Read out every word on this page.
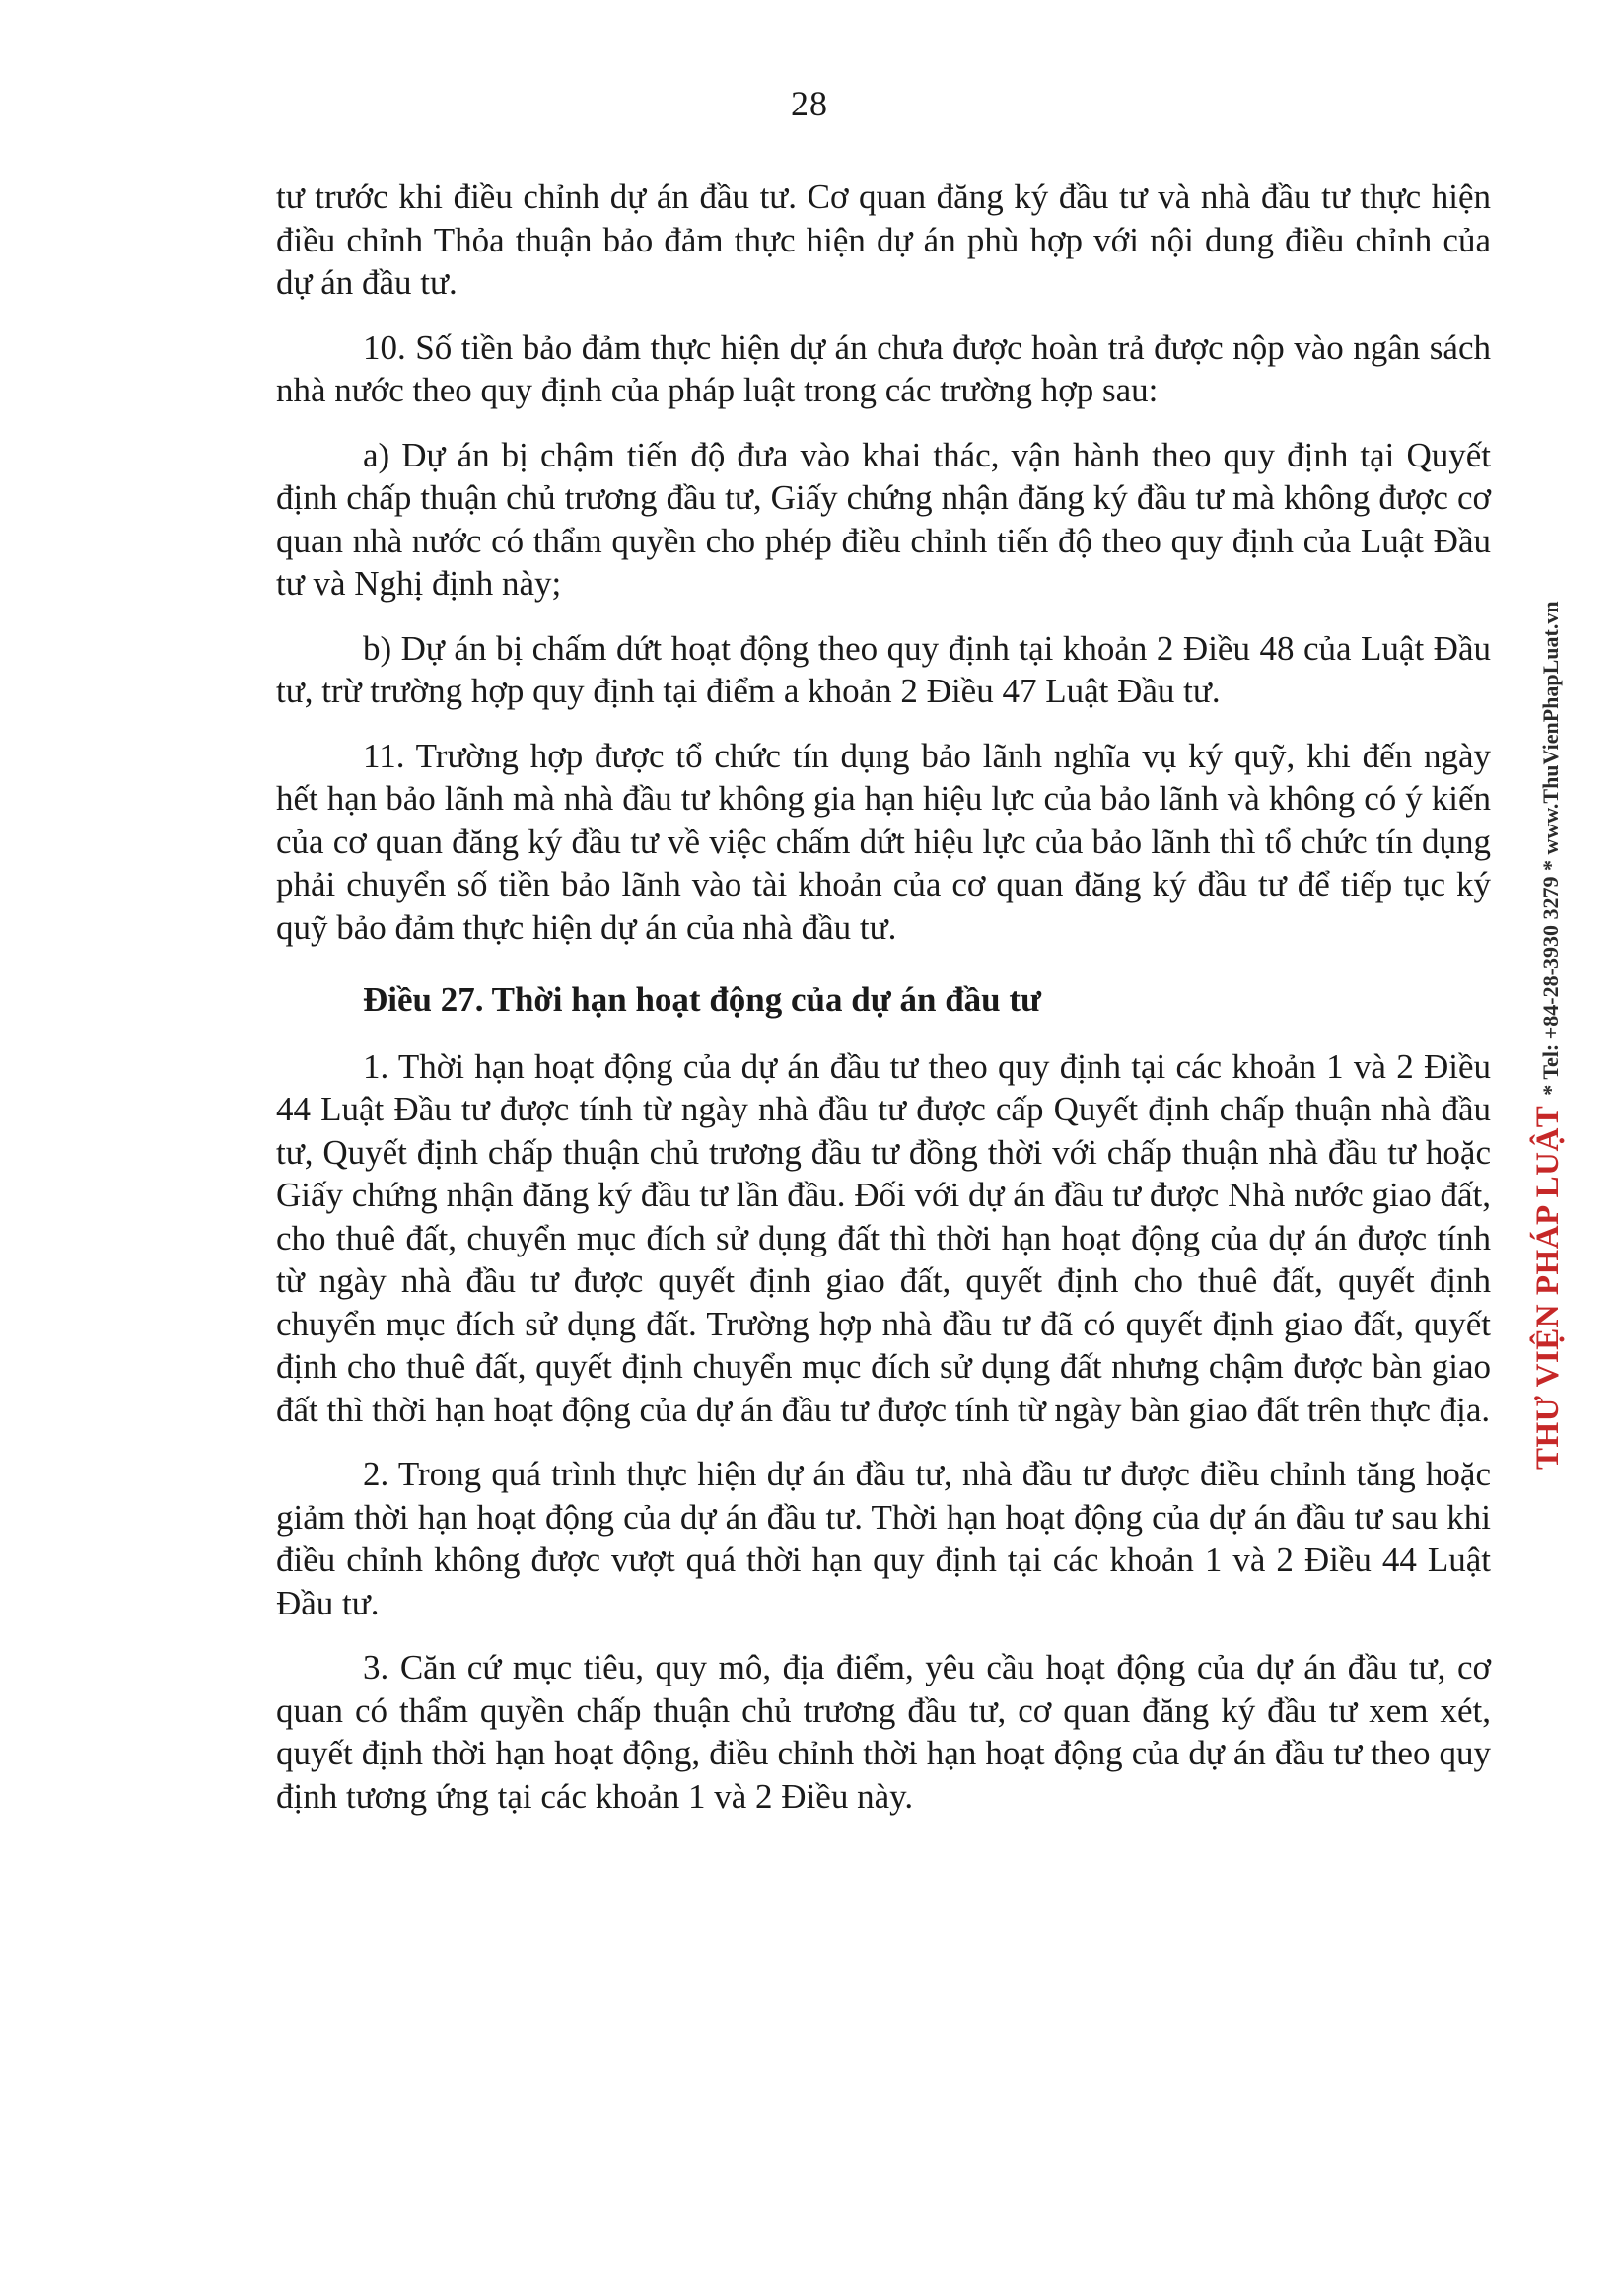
28

tư trước khi điều chỉnh dự án đầu tư. Cơ quan đăng ký đầu tư và nhà đầu tư thực hiện điều chỉnh Thỏa thuận bảo đảm thực hiện dự án phù hợp với nội dung điều chỉnh của dự án đầu tư.

10. Số tiền bảo đảm thực hiện dự án chưa được hoàn trả được nộp vào ngân sách nhà nước theo quy định của pháp luật trong các trường hợp sau:

a) Dự án bị chậm tiến độ đưa vào khai thác, vận hành theo quy định tại Quyết định chấp thuận chủ trương đầu tư, Giấy chứng nhận đăng ký đầu tư mà không được cơ quan nhà nước có thẩm quyền cho phép điều chỉnh tiến độ theo quy định của Luật Đầu tư và Nghị định này;

b) Dự án bị chấm dứt hoạt động theo quy định tại khoản 2 Điều 48 của Luật Đầu tư, trừ trường hợp quy định tại điểm a khoản 2 Điều 47 Luật Đầu tư.

11. Trường hợp được tổ chức tín dụng bảo lãnh nghĩa vụ ký quỹ, khi đến ngày hết hạn bảo lãnh mà nhà đầu tư không gia hạn hiệu lực của bảo lãnh và không có ý kiến của cơ quan đăng ký đầu tư về việc chấm dứt hiệu lực của bảo lãnh thì tổ chức tín dụng phải chuyển số tiền bảo lãnh vào tài khoản của cơ quan đăng ký đầu tư để tiếp tục ký quỹ bảo đảm thực hiện dự án của nhà đầu tư.

Điều 27. Thời hạn hoạt động của dự án đầu tư

1. Thời hạn hoạt động của dự án đầu tư theo quy định tại các khoản 1 và 2 Điều 44 Luật Đầu tư được tính từ ngày nhà đầu tư được cấp Quyết định chấp thuận nhà đầu tư, Quyết định chấp thuận chủ trương đầu tư đồng thời với chấp thuận nhà đầu tư hoặc Giấy chứng nhận đăng ký đầu tư lần đầu. Đối với dự án đầu tư được Nhà nước giao đất, cho thuê đất, chuyển mục đích sử dụng đất thì thời hạn hoạt động của dự án được tính từ ngày nhà đầu tư được quyết định giao đất, quyết định cho thuê đất, quyết định chuyển mục đích sử dụng đất. Trường hợp nhà đầu tư đã có quyết định giao đất, quyết định cho thuê đất, quyết định chuyển mục đích sử dụng đất nhưng chậm được bàn giao đất thì thời hạn hoạt động của dự án đầu tư được tính từ ngày bàn giao đất trên thực địa.

2. Trong quá trình thực hiện dự án đầu tư, nhà đầu tư được điều chỉnh tăng hoặc giảm thời hạn hoạt động của dự án đầu tư. Thời hạn hoạt động của dự án đầu tư sau khi điều chỉnh không được vượt quá thời hạn quy định tại các khoản 1 và 2 Điều 44 Luật Đầu tư.

3. Căn cứ mục tiêu, quy mô, địa điểm, yêu cầu hoạt động của dự án đầu tư, cơ quan có thẩm quyền chấp thuận chủ trương đầu tư, cơ quan đăng ký đầu tư xem xét, quyết định thời hạn hoạt động, điều chỉnh thời hạn hoạt động của dự án đầu tư theo quy định tương ứng tại các khoản 1 và 2 Điều này.

THƯ VIỆN PHÁP LUẬT * Tel: +84-28-3930 3279 * www.ThuVienPhapLuat.vn
